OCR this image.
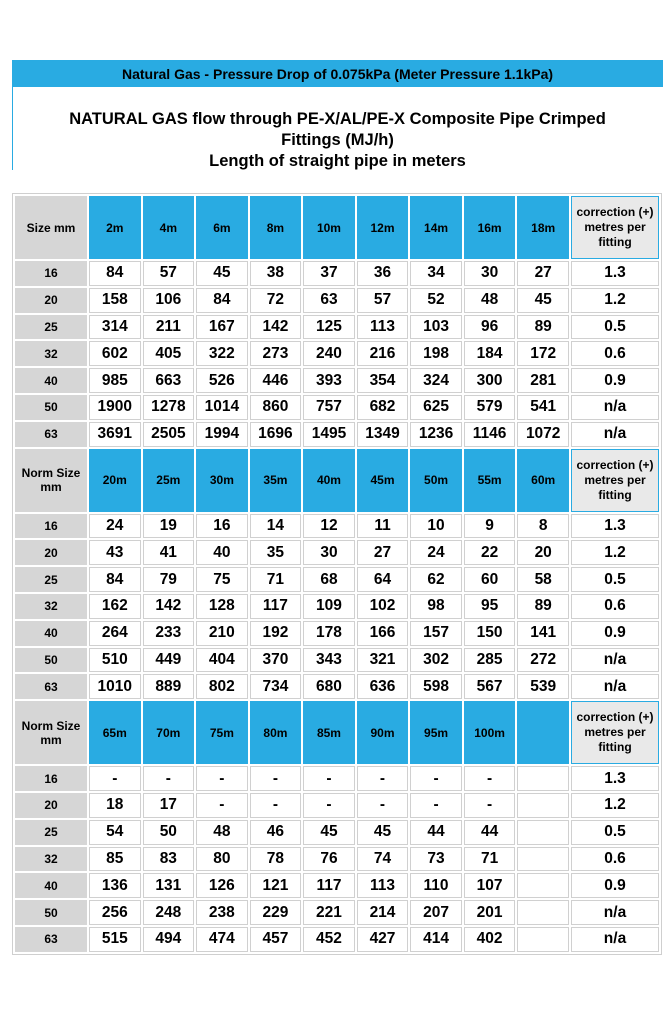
Natural Gas - Pressure Drop of 0.075kPa (Meter Pressure 1.1kPa)
NATURAL GAS flow through PE-X/AL/PE-X Composite Pipe Crimped
Fittings (MJ/h)
Length of straight pipe in meters
Size mm	2m	4m	6m	8m	10m	12m	14m	16m	18m	correction (+) metres per fitting
16	84	57	45	38	37	36	34	30	27	1.3
20	158	106	84	72	63	57	52	48	45	1.2
25	314	211	167	142	125	113	103	96	89	0.5
32	602	405	322	273	240	216	198	184	172	0.6
40	985	663	526	446	393	354	324	300	281	0.9
50	1900	1278	1014	860	757	682	625	579	541	n/a
63	3691	2505	1994	1696	1495	1349	1236	1146	1072	n/a
Norm Size mm	20m	25m	30m	35m	40m	45m	50m	55m	60m	correction (+) metres per fitting
16	24	19	16	14	12	11	10	9	8	1.3
20	43	41	40	35	30	27	24	22	20	1.2
25	84	79	75	71	68	64	62	60	58	0.5
32	162	142	128	117	109	102	98	95	89	0.6
40	264	233	210	192	178	166	157	150	141	0.9
50	510	449	404	370	343	321	302	285	272	n/a
63	1010	889	802	734	680	636	598	567	539	n/a
Norm Size mm	65m	70m	75m	80m	85m	90m	95m	100m		correction (+) metres per fitting
16	-	-	-	-	-	-	-	-		1.3
20	18	17	-	-	-	-	-	-		1.2
25	54	50	48	46	45	45	44	44		0.5
32	85	83	80	78	76	74	73	71		0.6
40	136	131	126	121	117	113	110	107		0.9
50	256	248	238	229	221	214	207	201		n/a
63	515	494	474	457	452	427	414	402		n/a
